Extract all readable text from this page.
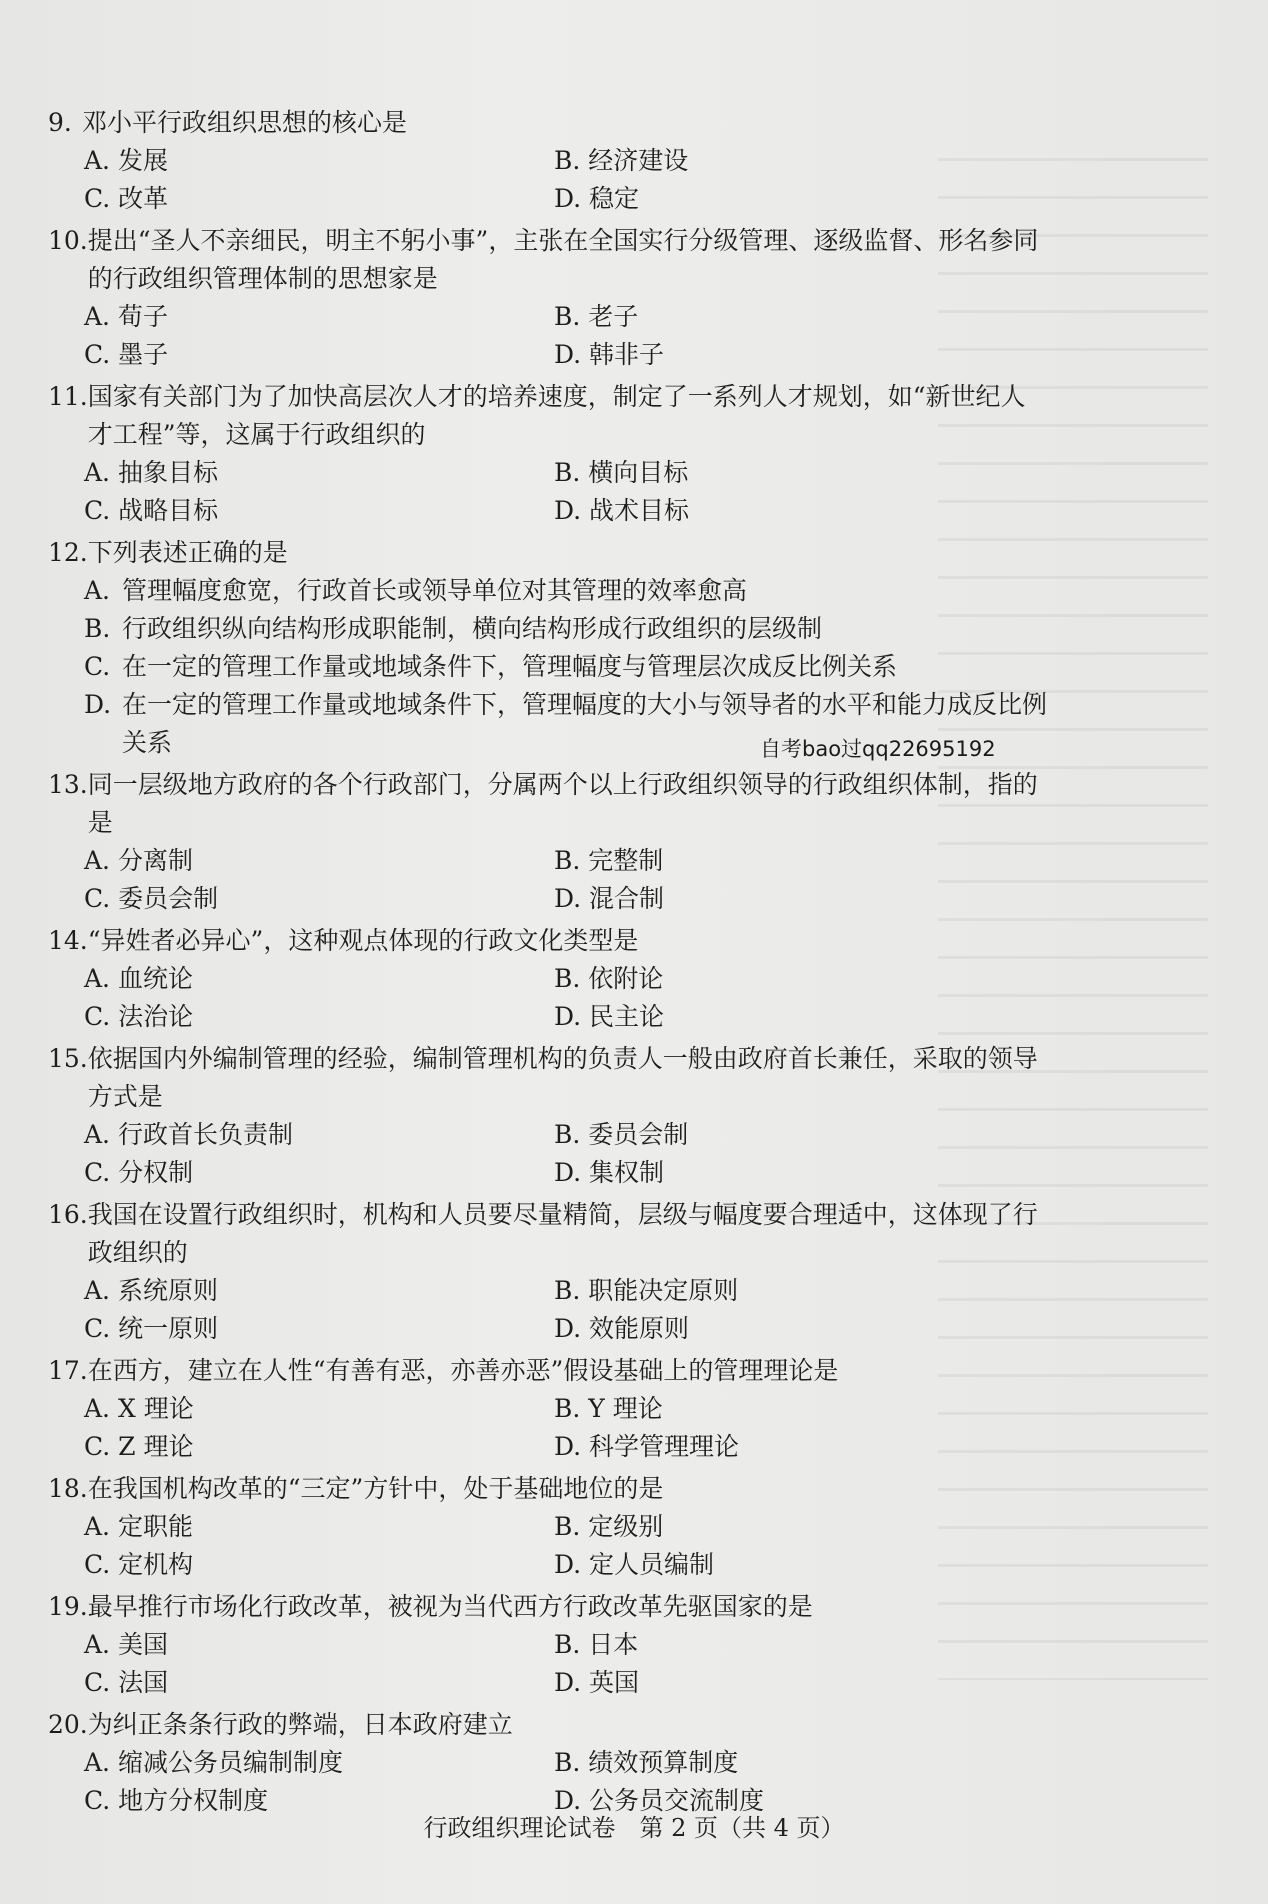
9. 邓小平行政组织思想的核心是
A. 发展	B. 经济建设
C. 改革	D. 稳定
10. 提出“圣人不亲细民，明主不躬小事”，主张在全国实行分级管理、逐级监督、形名参同的行政组织管理体制的思想家是
A. 荀子	B. 老子
C. 墨子	D. 韩非子
11. 国家有关部门为了加快高层次人才的培养速度，制定了一系列人才规划，如“新世纪人才工程”等，这属于行政组织的
A. 抽象目标	B. 横向目标
C. 战略目标	D. 战术目标
12. 下列表述正确的是
A. 管理幅度愈宽，行政首长或领导单位对其管理的效率愈高
B. 行政组织纵向结构形成职能制，横向结构形成行政组织的层级制
C. 在一定的管理工作量或地域条件下，管理幅度与管理层次成反比例关系
D. 在一定的管理工作量或地域条件下，管理幅度的大小与领导者的水平和能力成反比例关系
13. 同一层级地方政府的各个行政部门，分属两个以上行政组织领导的行政组织体制，指的是
A. 分离制	B. 完整制
C. 委员会制	D. 混合制
14. “异姓者必异心”，这种观点体现的行政文化类型是
A. 血统论	B. 依附论
C. 法治论	D. 民主论
15. 依据国内外编制管理的经验，编制管理机构的负责人一般由政府首长兼任，采取的领导方式是
A. 行政首长负责制	B. 委员会制
C. 分权制	D. 集权制
16. 我国在设置行政组织时，机构和人员要尽量精简，层级与幅度要合理适中，这体现了行政组织的
A. 系统原则	B. 职能决定原则
C. 统一原则	D. 效能原则
17. 在西方，建立在人性“有善有恶，亦善亦恶”假设基础上的管理理论是
A. X 理论	B. Y 理论
C. Z 理论	D. 科学管理理论
18. 在我国机构改革的“三定”方针中，处于基础地位的是
A. 定职能	B. 定级别
C. 定机构	D. 定人员编制
19. 最早推行市场化行政改革，被视为当代西方行政改革先驱国家的是
A. 美国	B. 日本
C. 法国	D. 英国
20. 为纠正条条行政的弊端，日本政府建立
A. 缩减公务员编制制度	B. 绩效预算制度
C. 地方分权制度	D. 公务员交流制度
自考bao过qq22695192
行政组织理论试卷　第 2 页（共 4 页）
